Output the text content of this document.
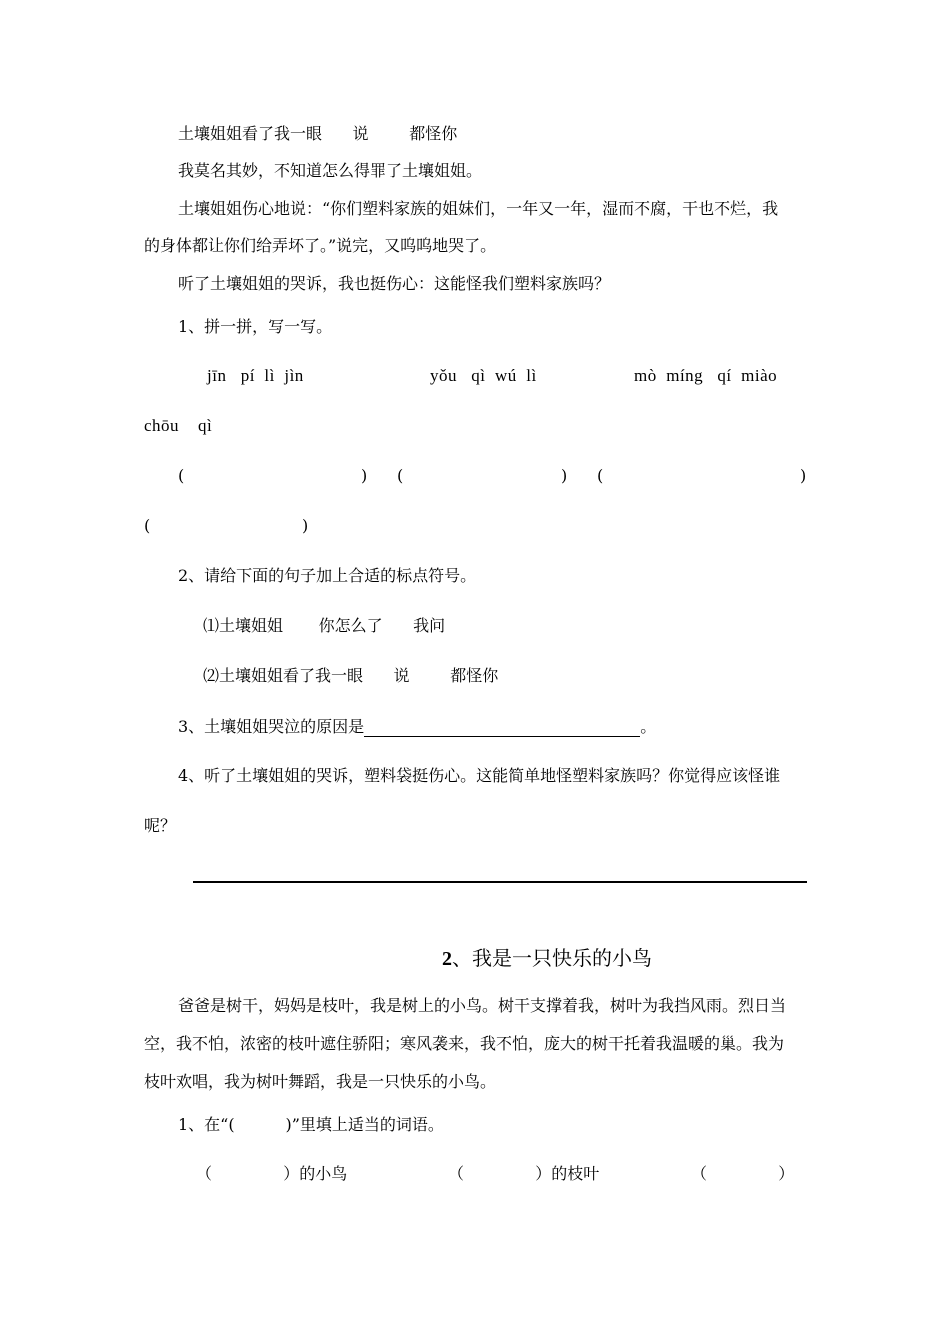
土壤姐姐看了我一眼      说        都怪你
我莫名其妙，不知道怎么得罪了土壤姐姐。
土壤姐姐伤心地说：“你们塑料家族的姐妹们，一年又一年，湿而不腐，干也不烂，我
的身体都让你们给弄坏了。”说完，又呜呜地哭了。
听了土壤姐姐的哭诉，我也挺伤心：这能怪我们塑料家族吗？
1、拼一拼，写一写。
jīn   pí  lì  jìn	yǒu   qì  wú  lì	mò  míng   qí  miào
chōu    qì
(	) (	) (	)
(	)
2、请给下面的句子加上合适的标点符号。
⑴土壤姐姐       你怎么了      我问
⑵土壤姐姐看了我一眼      说        都怪你
3、土壤姐姐哭泣的原因是	。
4、听了土壤姐姐的哭诉，塑料袋挺伤心。这能简单地怪塑料家族吗？你觉得应该怪谁
呢？
2、我是一只快乐的小鸟
爸爸是树干，妈妈是枝叶，我是树上的小鸟。树干支撑着我，树叶为我挡风雨。烈日当
空，我不怕，浓密的枝叶遮住骄阳；寒风袭来，我不怕，庞大的树干托着我温暖的巢。我为
枝叶欢唱，我为树叶舞蹈，我是一只快乐的小鸟。
1、在“(          )”里填上适当的词语。
（              ）的小鸟	（              ）的枝叶	（              ）
